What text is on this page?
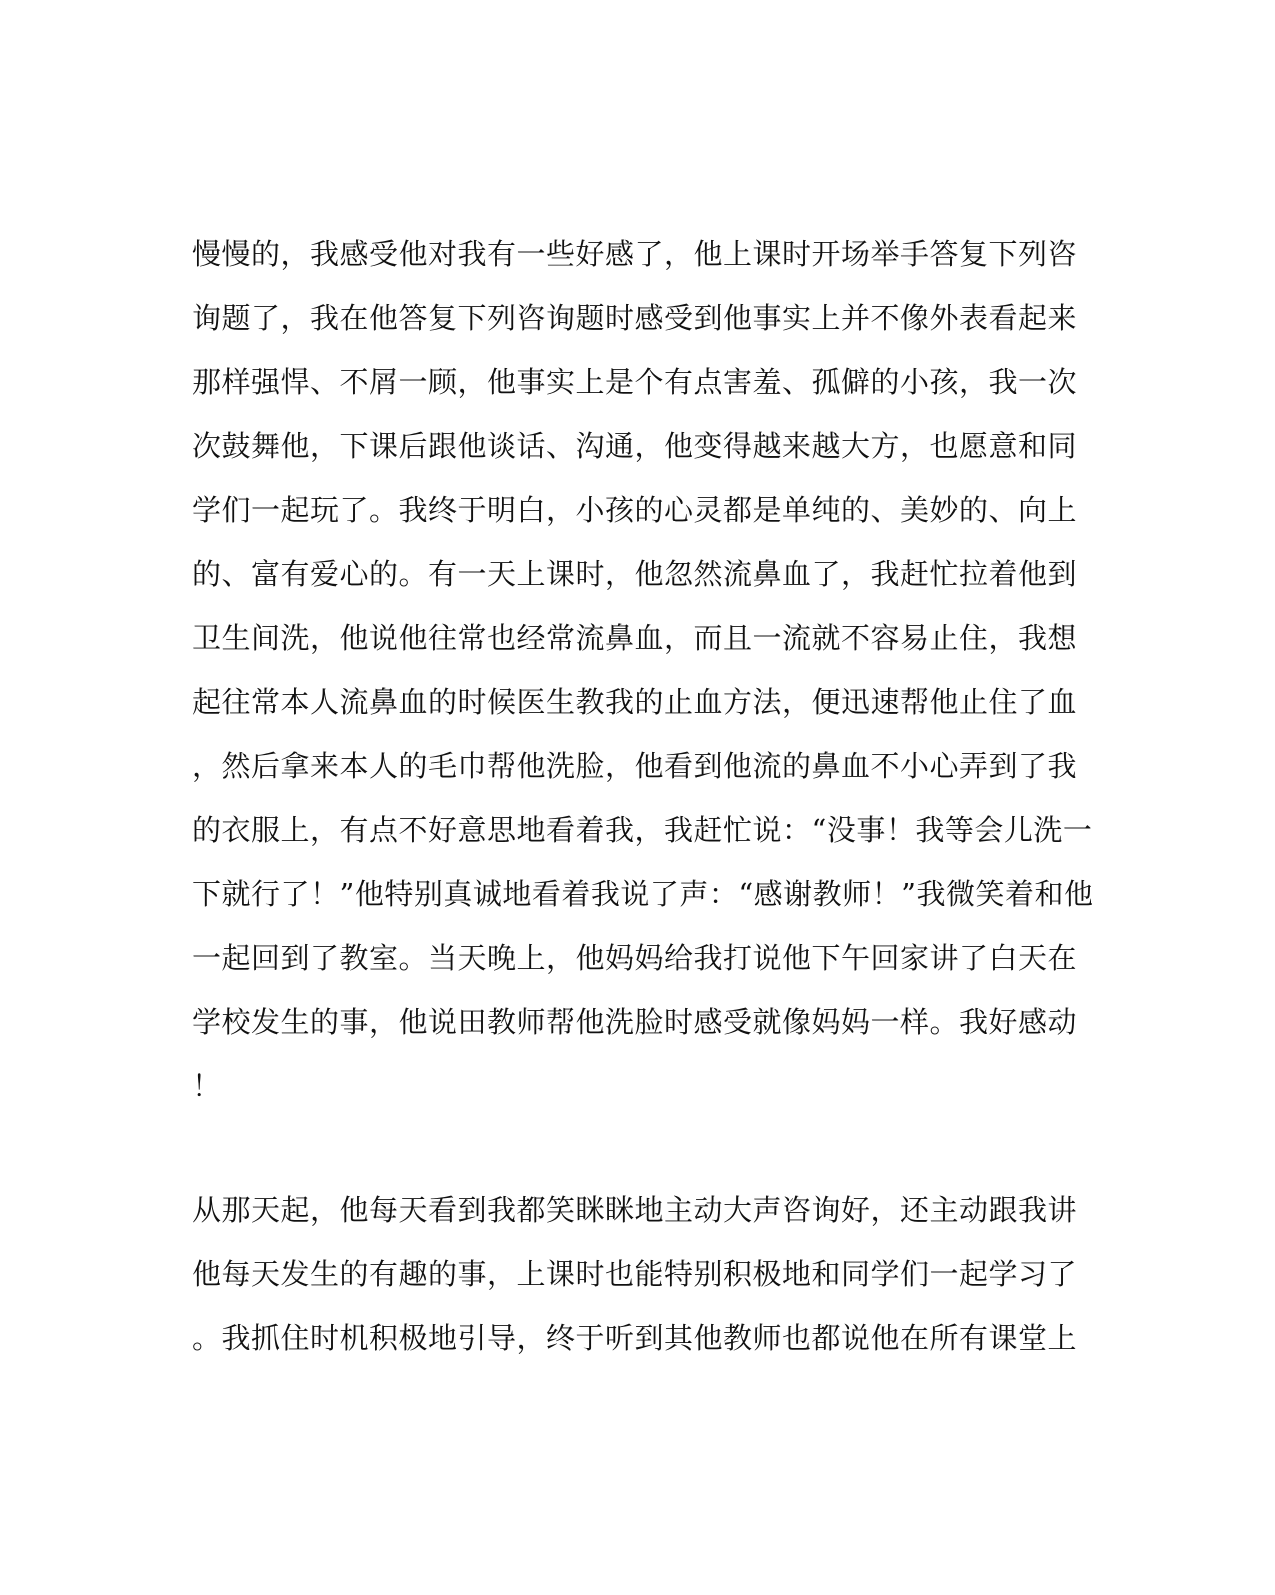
慢慢的，我感受他对我有一些好感了，他上课时开场举手答复下列咨
询题了，我在他答复下列咨询题时感受到他事实上并不像外表看起来
那样强悍、不屑一顾，他事实上是个有点害羞、孤僻的小孩，我一次
次鼓舞他，下课后跟他谈话、沟通，他变得越来越大方，也愿意和同
学们一起玩了。我终于明白，小孩的心灵都是单纯的、美妙的、向上
的、富有爱心的。有一天上课时，他忽然流鼻血了，我赶忙拉着他到
卫生间洗，他说他往常也经常流鼻血，而且一流就不容易止住，我想
起往常本人流鼻血的时候医生教我的止血方法，便迅速帮他止住了血
，然后拿来本人的毛巾帮他洗脸，他看到他流的鼻血不小心弄到了我
的衣服上，有点不好意思地看着我，我赶忙说：“没事！我等会儿洗一
下就行了！”他特别真诚地看着我说了声：“感谢教师！”我微笑着和他
一起回到了教室。当天晚上，他妈妈给我打说他下午回家讲了白天在
学校发生的事，他说田教师帮他洗脸时感受就像妈妈一样。我好感动
！
从那天起，他每天看到我都笑眯眯地主动大声咨询好，还主动跟我讲
他每天发生的有趣的事，上课时也能特别积极地和同学们一起学习了
。我抓住时机积极地引导，终于听到其他教师也都说他在所有课堂上
